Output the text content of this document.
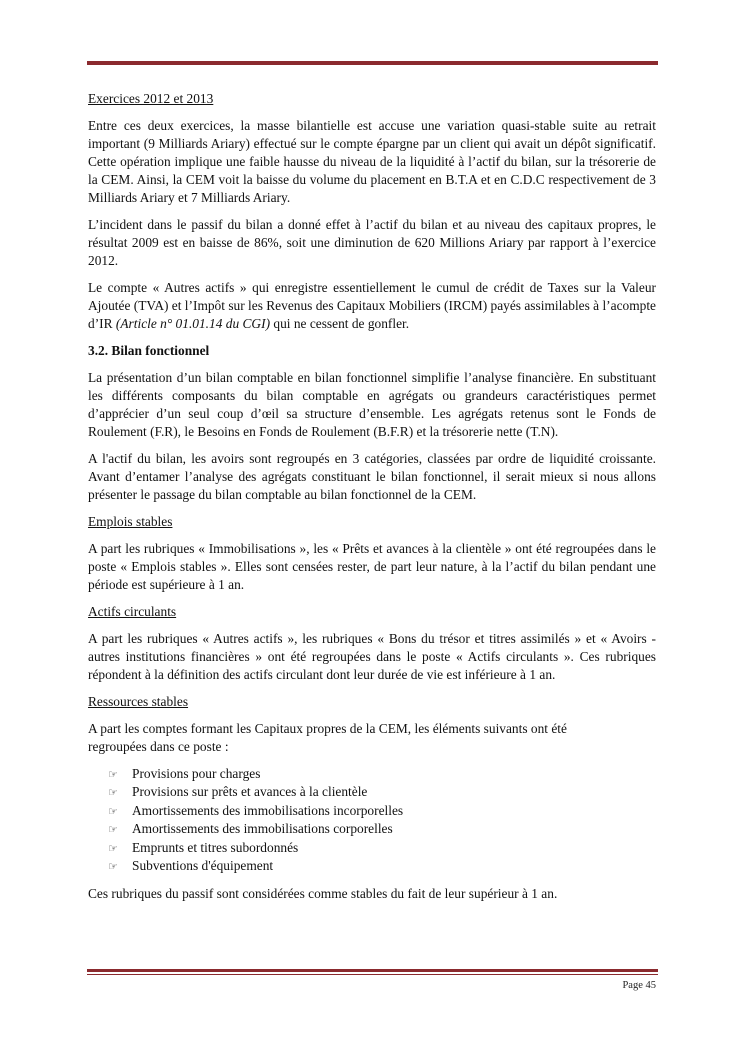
Exercices 2012 et 2013

Entre ces deux exercices, la masse bilantielle est accuse une variation quasi-stable suite au retrait important (9 Milliards Ariary) effectué sur le compte épargne par un client qui avait un dépôt significatif. Cette opération implique une faible hausse du niveau de la liquidité à l’actif du bilan, sur la trésorerie de la CEM. Ainsi, la CEM voit la baisse du volume du placement en B.T.A et en C.D.C respectivement de 3 Milliards Ariary et 7 Milliards Ariary.

L’incident dans le passif du bilan a donné effet à l’actif du bilan et au niveau des capitaux propres, le résultat 2009 est en baisse de 86%, soit une diminution de 620 Millions Ariary par rapport à l’exercice 2012.

Le compte « Autres actifs » qui enregistre essentiellement le cumul de crédit de Taxes sur la Valeur Ajoutée (TVA) et l’Impôt sur les Revenus des Capitaux Mobiliers (IRCM) payés assimilables à l’acompte d’IR (Article n° 01.01.14 du CGI) qui ne cessent de gonfler.

3.2. Bilan fonctionnel

La présentation d’un bilan comptable en bilan fonctionnel simplifie l’analyse financière. En substituant les différents composants du bilan comptable en agrégats ou grandeurs caractéristiques permet d’apprécier d’un seul coup d’œil sa structure d’ensemble. Les agrégats retenus sont le Fonds de Roulement (F.R), le Besoins en Fonds de Roulement (B.F.R) et la trésorerie nette (T.N).

A l'actif du bilan, les avoirs sont regroupés en 3 catégories, classées par ordre de liquidité croissante. Avant d’entamer l’analyse des agrégats constituant le bilan fonctionnel, il serait mieux si nous allons présenter le passage du bilan comptable au bilan fonctionnel de la CEM.

Emplois stables

A part les rubriques « Immobilisations », les « Prêts et avances à la clientèle » ont été regroupées dans le poste « Emplois stables ». Elles sont censées rester, de part leur nature, à la l’actif du bilan pendant une période est supérieure à 1 an.

Actifs circulants

A part les rubriques « Autres actifs », les rubriques « Bons du trésor et titres assimilés » et « Avoirs - autres institutions financières » ont été regroupées dans le poste « Actifs circulants ». Ces rubriques répondent à la définition des actifs circulant dont leur durée de vie est inférieure à 1 an.

Ressources stables

A part les comptes formant les Capitaux propres de la CEM, les éléments suivants ont été regroupées dans ce poste :

☞	Provisions pour charges
☞	Provisions sur prêts et avances à la clientèle
☞	Amortissements des immobilisations incorporelles
☞	Amortissements des immobilisations corporelles
☞	Emprunts et titres subordonnés
☞	Subventions d'équipement

Ces rubriques du passif sont considérées comme stables du fait de leur supérieur à 1 an.

Page 45
